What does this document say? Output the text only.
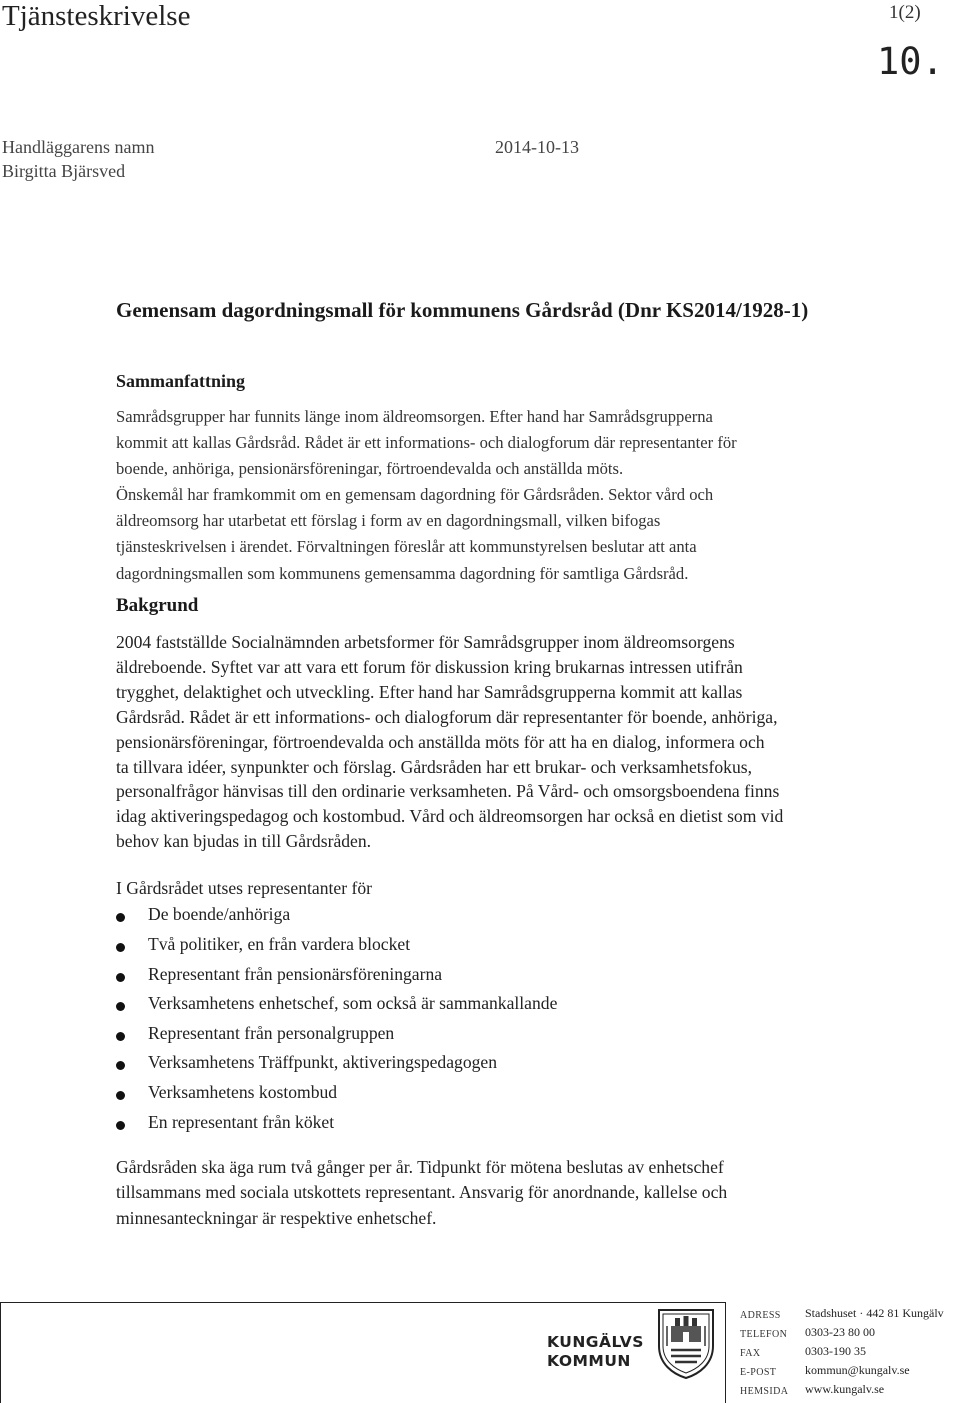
Tjänsteskrivelse	1(2)
10.
Handläggarens namn
Birgitta Bjärsved
2014-10-13
Gemensam dagordningsmall för kommunens Gårdsråd (Dnr KS2014/1928-1)
Sammanfattning
Samrådsgrupper har funnits länge inom äldreomsorgen. Efter hand har Samrådsgrupperna
kommit att kallas Gårdsråd. Rådet är ett informations- och dialogforum där representanter för
boende, anhöriga, pensionärsföreningar, förtroendevalda och anställda möts.
Önskemål har framkommit om en gemensam dagordning för Gårdsråden. Sektor vård och
äldreomsorg har utarbetat ett förslag i form av en dagordningsmall, vilken bifogas
tjänsteskrivelsen i ärendet. Förvaltningen föreslår att kommunstyrelsen beslutar att anta
dagordningsmallen som kommunens gemensamma dagordning för samtliga Gårdsråd.
Bakgrund
2004 fastställde Socialnämnden arbetsformer för Samrådsgrupper inom äldreomsorgens
äldreboende. Syftet var att vara ett forum för diskussion kring brukarnas intressen utifrån
trygghet, delaktighet och utveckling. Efter hand har Samrådsgrupperna kommit att kallas
Gårdsråd. Rådet är ett informations- och dialogforum där representanter för boende, anhöriga,
pensionärsföreningar, förtroendevalda och anställda möts för att ha en dialog, informera och
ta tillvara idéer, synpunkter och förslag. Gårdsråden har ett brukar- och verksamhetsfokus,
personalfrågor hänvisas till den ordinarie verksamheten. På Vård- och omsorgsboendena finns
idag aktiveringspedagog och kostombud. Vård och äldreomsorgen har också en dietist som vid
behov kan bjudas in till Gårdsråden.
I Gårdsrådet utses representanter för
De boende/anhöriga
Två politiker, en från vardera blocket
Representant från pensionärsföreningarna
Verksamhetens enhetschef, som också är sammankallande
Representant från personalgruppen
Verksamhetens Träffpunkt, aktiveringspedagogen
Verksamhetens kostombud
En representant från köket
Gårdsråden ska äga rum två gånger per år. Tidpunkt för mötena beslutas av enhetschef
tillsammans med sociala utskottets representant. Ansvarig för anordnande, kallelse och
minnesanteckningar är respektive enhetschef.
KUNGÄLVS
KOMMUN
ADRESS Stadshuset · 442 81 Kungälv
TELEFON 0303-23 80 00
FAX	0303-190 35
E-POST kommun@kungalv.se
HEMSIDA www.kungalv.se
